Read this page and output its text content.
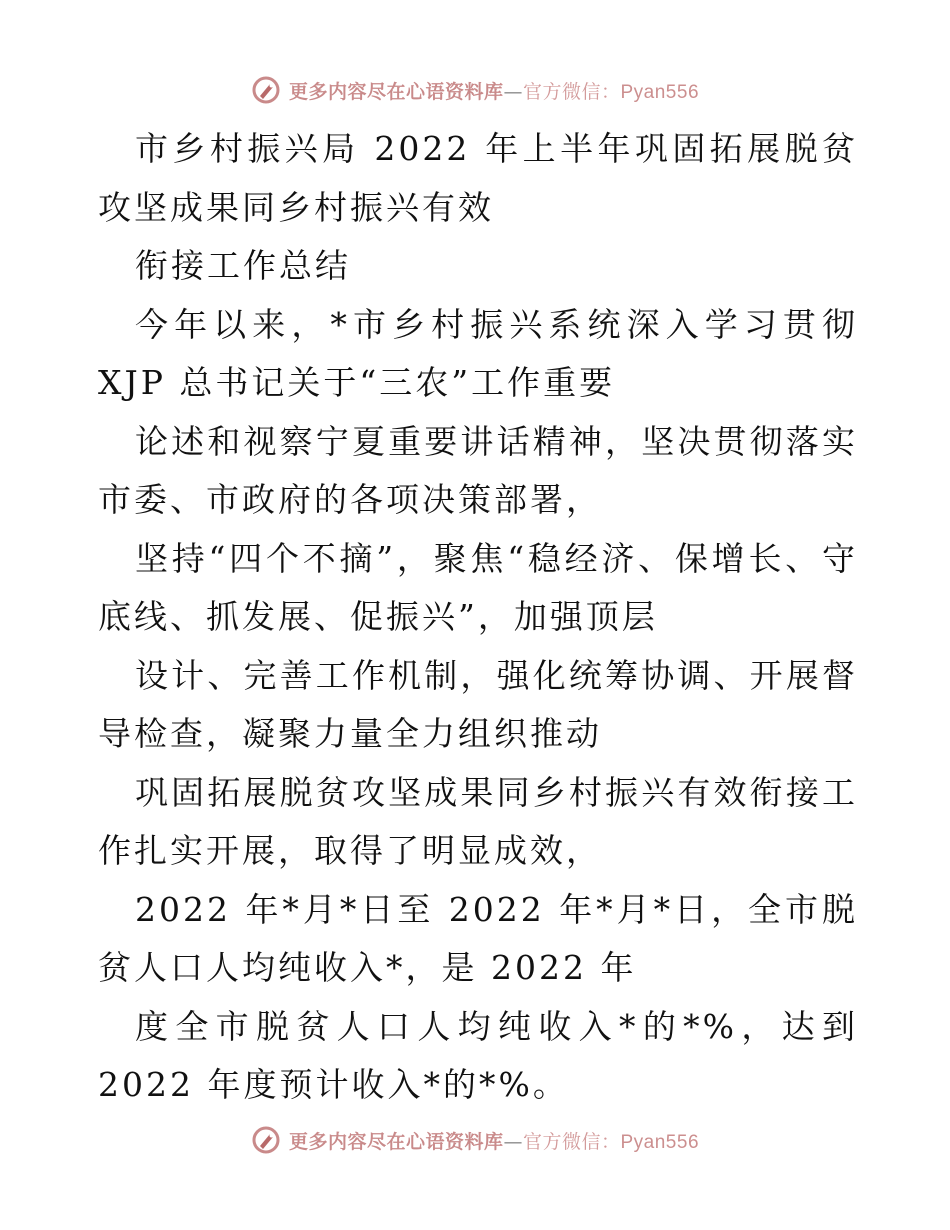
更多内容尽在心语资料库—官方微信：Pyan556

市乡村振兴局 2022 年上半年巩固拓展脱贫攻坚成果同乡村振兴有效

衔接工作总结

今年以来，*市乡村振兴系统深入学习贯彻 XJP 总书记关于“三农”工作重要

论述和视察宁夏重要讲话精神，坚决贯彻落实市委、市政府的各项决策部署，

坚持“四个不摘”，聚焦“稳经济、保增长、守底线、抓发展、促振兴”，加强顶层

设计、完善工作机制，强化统筹协调、开展督导检查，凝聚力量全力组织推动

巩固拓展脱贫攻坚成果同乡村振兴有效衔接工作扎实开展，取得了明显成效，

2022 年*月*日至 2022 年*月*日，全市脱贫人口人均纯收入*，是 2022 年

度全市脱贫人口人均纯收入*的*%，达到 2022 年度预计收入*的*%。

更多内容尽在心语资料库—官方微信：Pyan556
